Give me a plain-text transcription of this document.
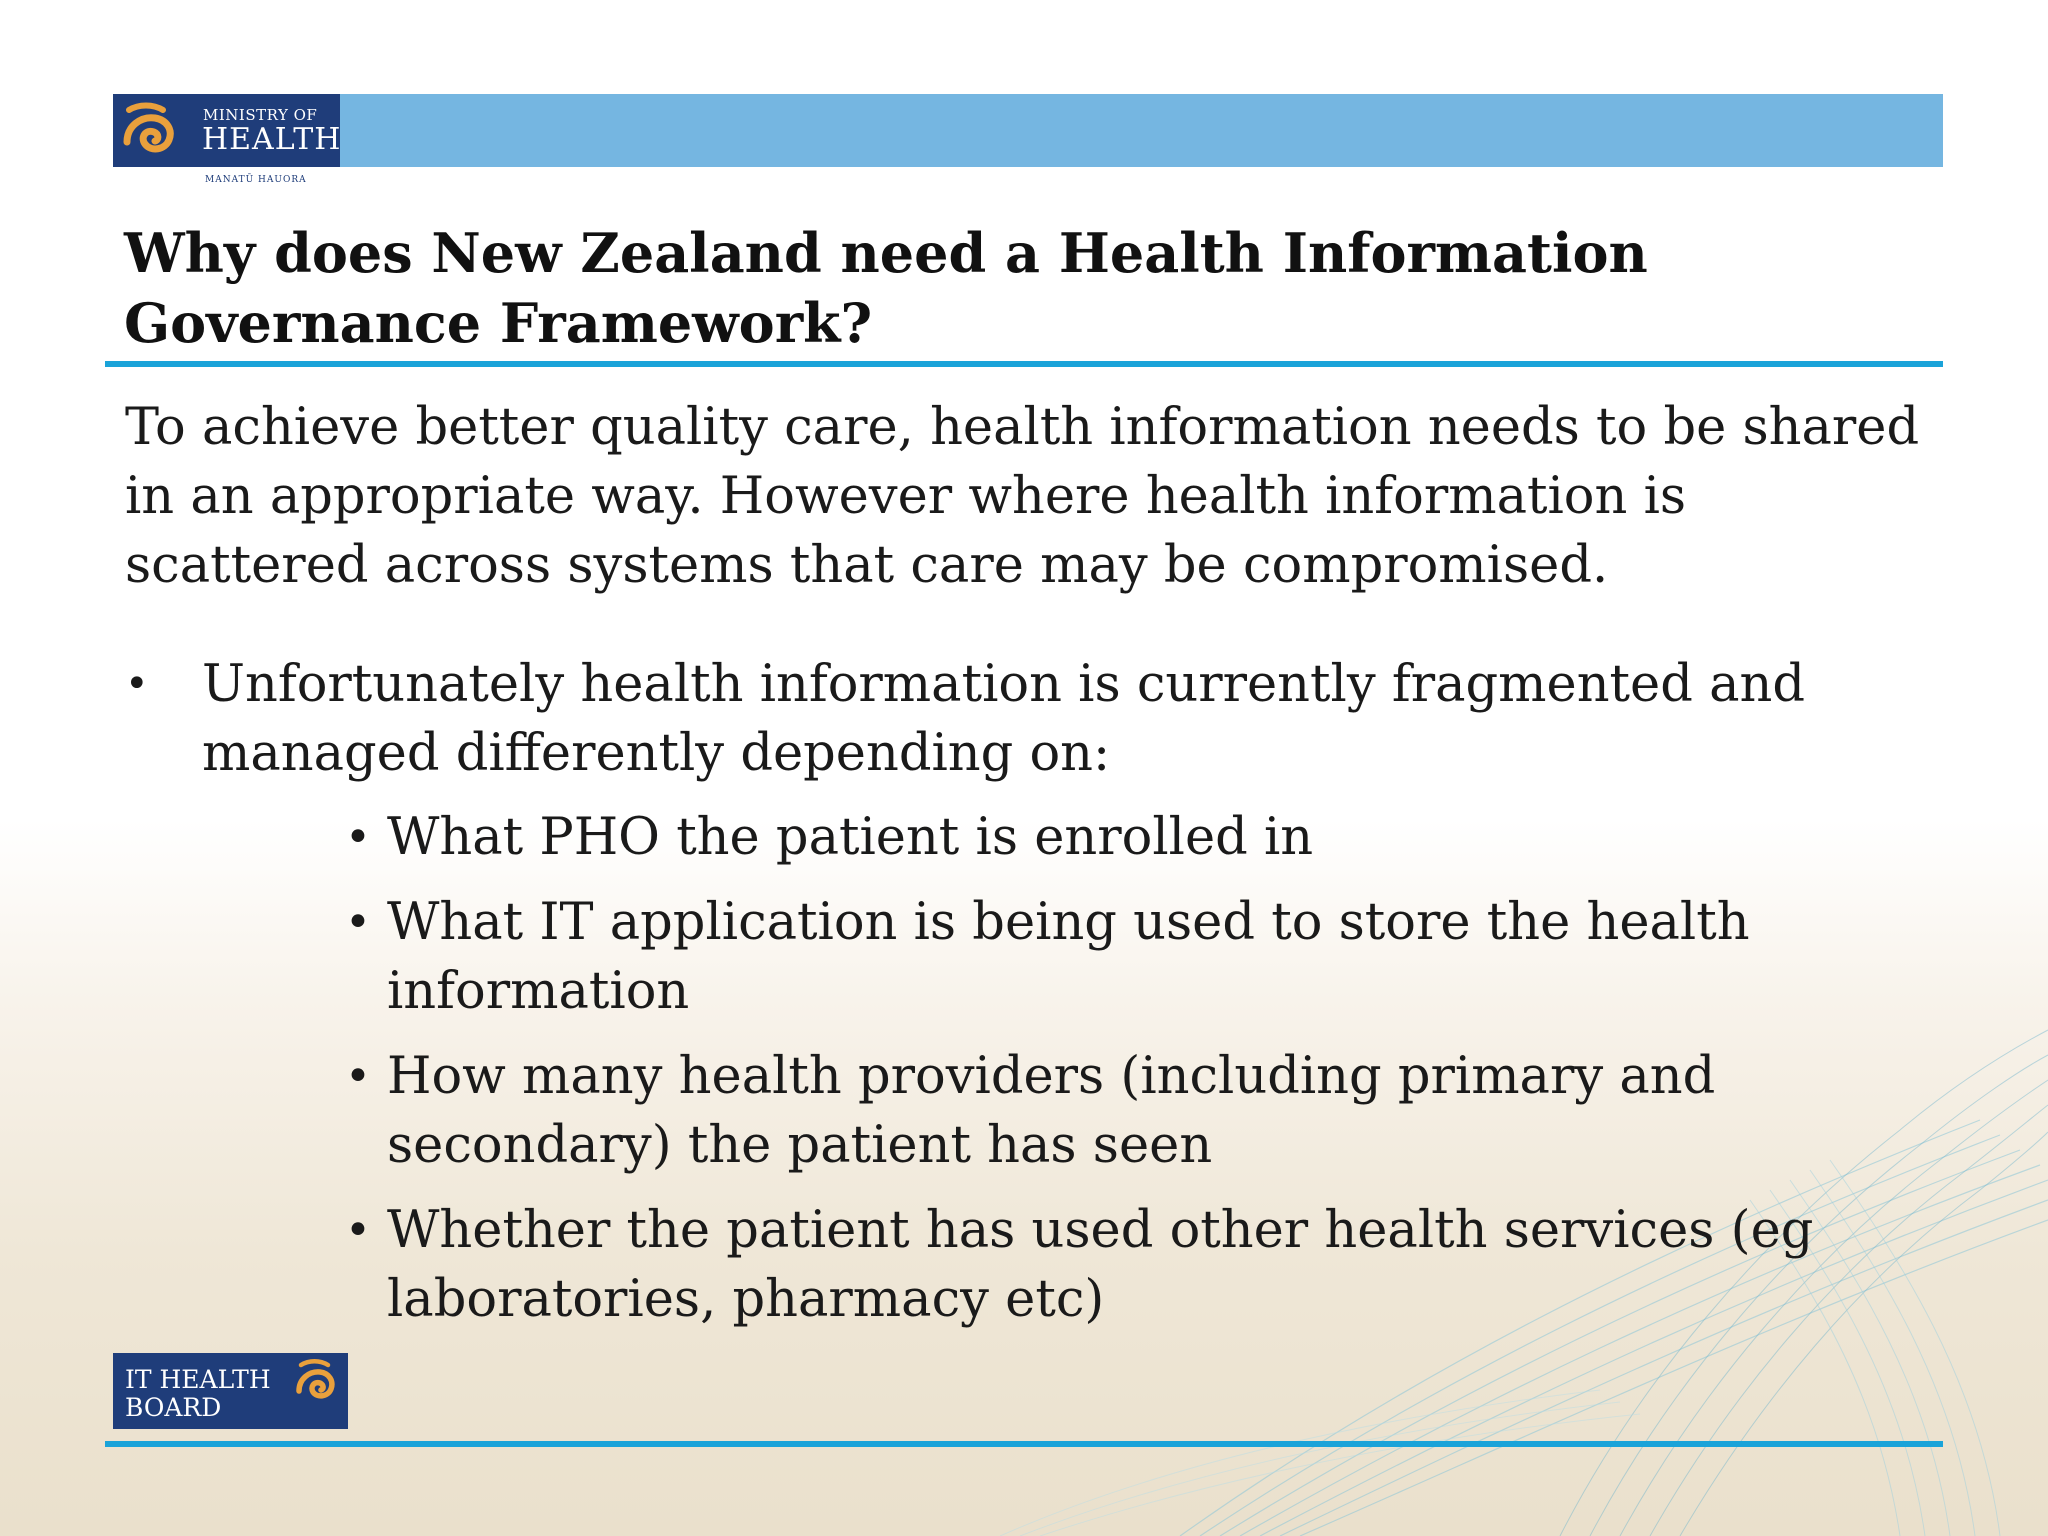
MINISTRY OF
HEALTH
MANATŪ HAUORA
Why does New Zealand need a Health Information Governance Framework?

To achieve better quality care, health information needs to be shared in an appropriate way. However where health information is scattered across systems that care may be compromised.

• Unfortunately health information is currently fragmented and managed differently depending on:
• What PHO the patient is enrolled in
• What IT application is being used to store the health information
• How many health providers (including primary and secondary) the patient has seen
• Whether the patient has used other health services (eg laboratories, pharmacy etc)
IT HEALTH
BOARD
